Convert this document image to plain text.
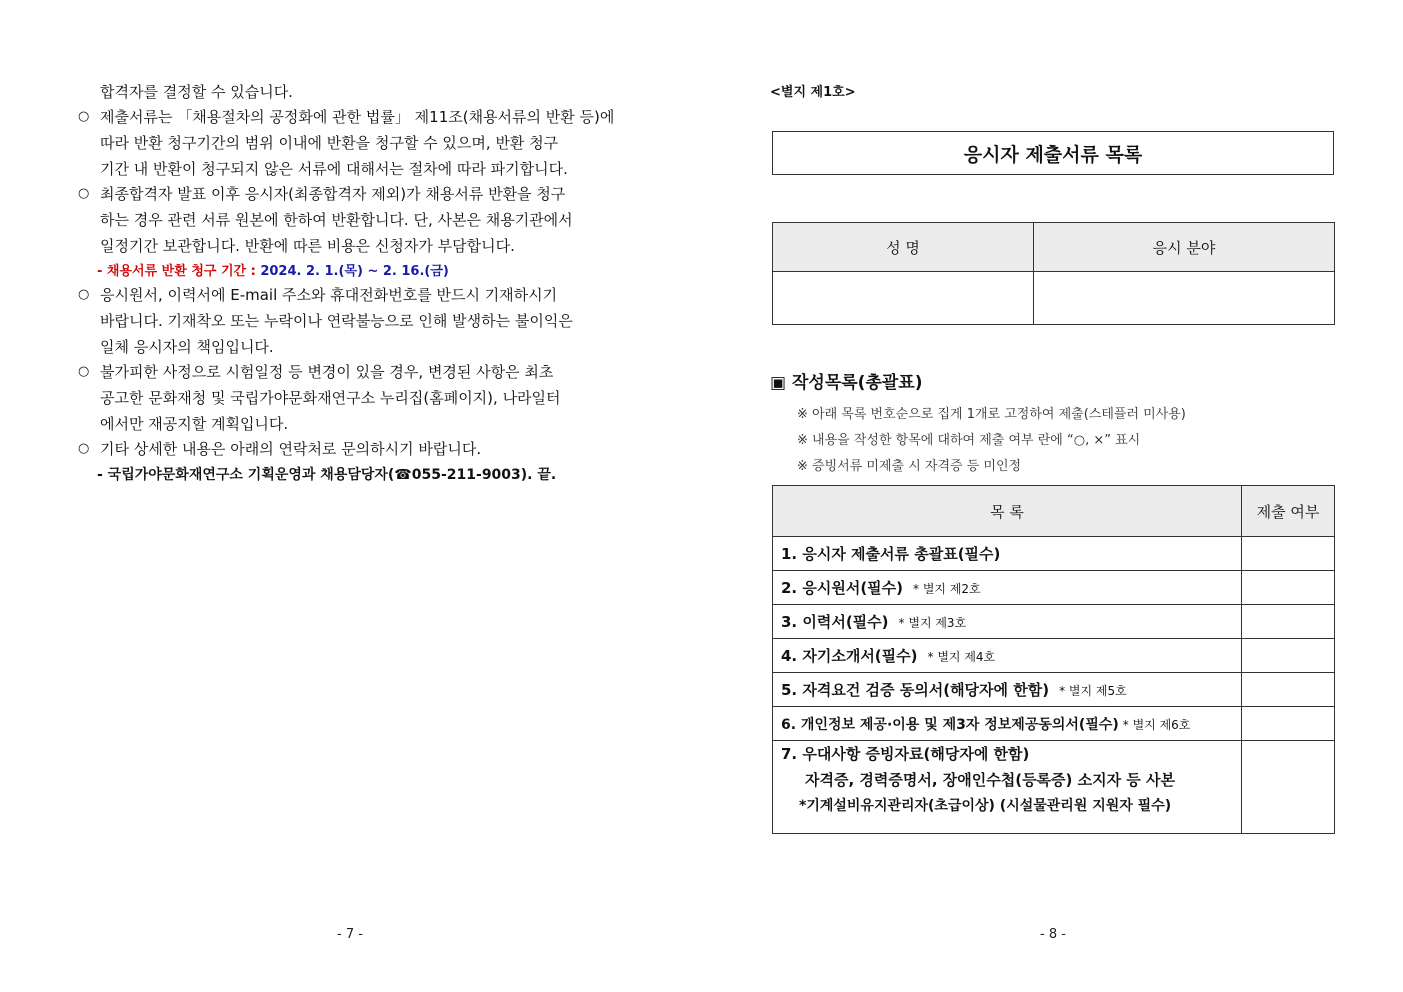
합격자를 결정할 수 있습니다.
○ 제출서류는 「채용절차의 공정화에 관한 법률」 제11조(채용서류의 반환 등)에
따라 반환 청구기간의 범위 이내에 반환을 청구할 수 있으며, 반환 청구
기간 내 반환이 청구되지 않은 서류에 대해서는 절차에 따라 파기합니다.
○ 최종합격자 발표 이후 응시자(최종합격자 제외)가 채용서류 반환을 청구
하는 경우 관련 서류 원본에 한하여 반환합니다. 단, 사본은 채용기관에서
일정기간 보관합니다. 반환에 따른 비용은 신청자가 부담합니다.
- 채용서류 반환 청구 기간 : 2024. 2. 1.(목) ~ 2. 16.(금)
○ 응시원서, 이력서에 E-mail 주소와 휴대전화번호를 반드시 기재하시기
바랍니다. 기재착오 또는 누락이나 연락불능으로 인해 발생하는 불이익은
일체 응시자의 책임입니다.
○ 불가피한 사정으로 시험일정 등 변경이 있을 경우, 변경된 사항은 최초
공고한 문화재청 및 국립가야문화재연구소 누리집(홈페이지), 나라일터
에서만 재공지할 계획입니다.
○ 기타 상세한 내용은 아래의 연락처로 문의하시기 바랍니다.
- 국립가야문화재연구소 기획운영과 채용담당자(☎055-211-9003). 끝.
- 7 -
<별지 제1호>
응시자 제출서류 목록
성 명	응시 분야

▣ 작성목록(총괄표)
※ 아래 목록 번호순으로 집게 1개로 고정하여 제출(스테플러 미사용)
※ 내용을 작성한 항목에 대하여 제출 여부 란에 “○, ×” 표시
※ 증빙서류 미제출 시 자격증 등 미인정
목 록	제출 여부
1. 응시자 제출서류 총괄표(필수)	
2. 응시원서(필수) * 별지 제2호	
3. 이력서(필수) * 별지 제3호	
4. 자기소개서(필수) * 별지 제4호	
5. 자격요건 검증 동의서(해당자에 한함) * 별지 제5호	
6. 개인정보 제공·이용 및 제3자 정보제공동의서(필수) * 별지 제6호	

7. 우대사항 증빙자료(해당자에 한함)
자격증, 경력증명서, 장애인수첩(등록증) 소지자 등 사본
*기계설비유지관리자(초급이상) (시설물관리원 지원자 필수)	

- 8 -
